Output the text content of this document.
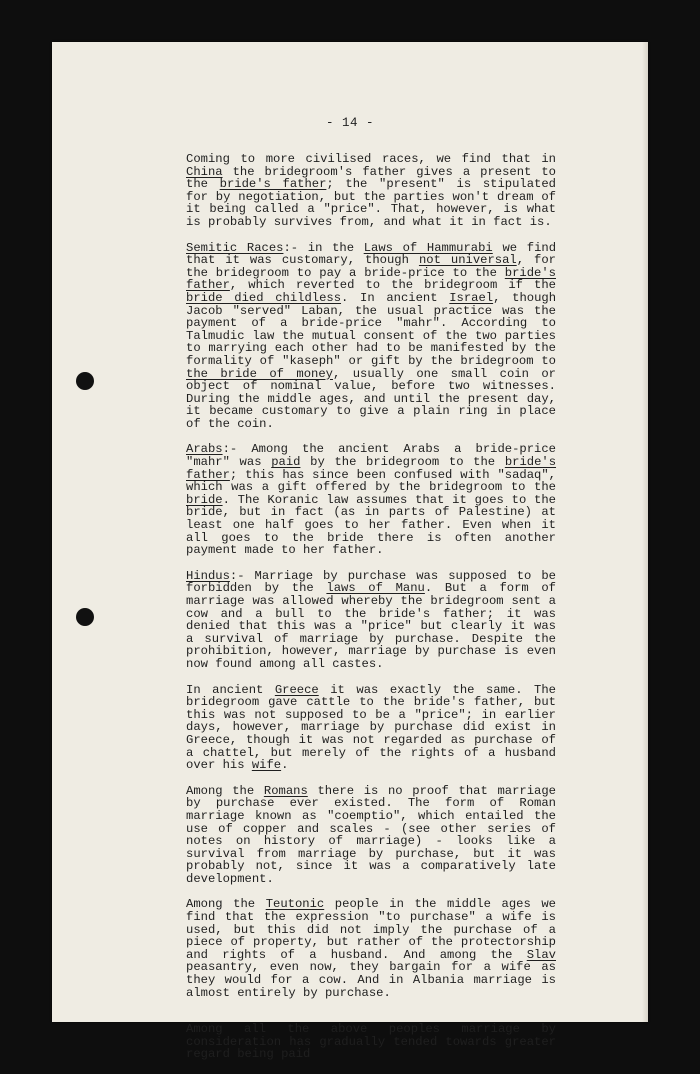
- 14 -

Coming to more civilised races, we find that in China the bridegroom's father gives a present to the bride's father; the "present" is stipulated for by negotiation, but the parties won't dream of it being called a "price". That, however, is what is probably survives from, and what it in fact is.

Semitic Races:- in the Laws of Hammurabi we find that it was customary, though not universal, for the bridegroom to pay a bride-price to the bride's father, which reverted to the bridegroom if the bride died childless. In ancient Israel, though Jacob "served" Laban, the usual practice was the payment of a bride-price "mahr". According to Talmudic law the mutual consent of the two parties to marrying each other had to be manifested by the formality of "kaseph" or gift by the bridegroom to the bride of money, usually one small coin or object of nominal value, before two witnesses. During the middle ages, and until the present day, it became customary to give a plain ring in place of the coin.

Arabs:- Among the ancient Arabs a bride-price "mahr" was paid by the bridegroom to the bride's father; this has since been confused with "sadaq", which was a gift offered by the bridegroom to the bride. The Koranic law assumes that it goes to the bride, but in fact (as in parts of Palestine) at least one half goes to her father. Even when it all goes to the bride there is often another payment made to her father.

Hindus:- Marriage by purchase was supposed to be forbidden by the laws of Manu. But a form of marriage was allowed whereby the bridegroom sent a cow and a bull to the bride's father; it was denied that this was a "price" but clearly it was a survival of marriage by purchase. Despite the prohibition, however, marriage by purchase is even now found among all castes.

In ancient Greece it was exactly the same. The bridegroom gave cattle to the bride's father, but this was not supposed to be a "price"; in earlier days, however, marriage by purchase did exist in Greece, though it was not regarded as purchase of a chattel, but merely of the rights of a husband over his wife.

Among the Romans there is no proof that marriage by purchase ever existed. The form of Roman marriage known as "coemptio", which entailed the use of copper and scales - (see other series of notes on history of marriage) - looks like a survival from marriage by purchase, but it was probably not, since it was a comparatively late development.

Among the Teutonic people in the middle ages we find that the expression "to purchase" a wife is used, but this did not imply the purchase of a piece of property, but rather of the protectorship and rights of a husband. And among the Slav peasantry, even now, they bargain for a wife as they would for a cow. And in Albania marriage is almost entirely by purchase.

Among all the above peoples marriage by consideration has gradually tended towards greater regard being paid
